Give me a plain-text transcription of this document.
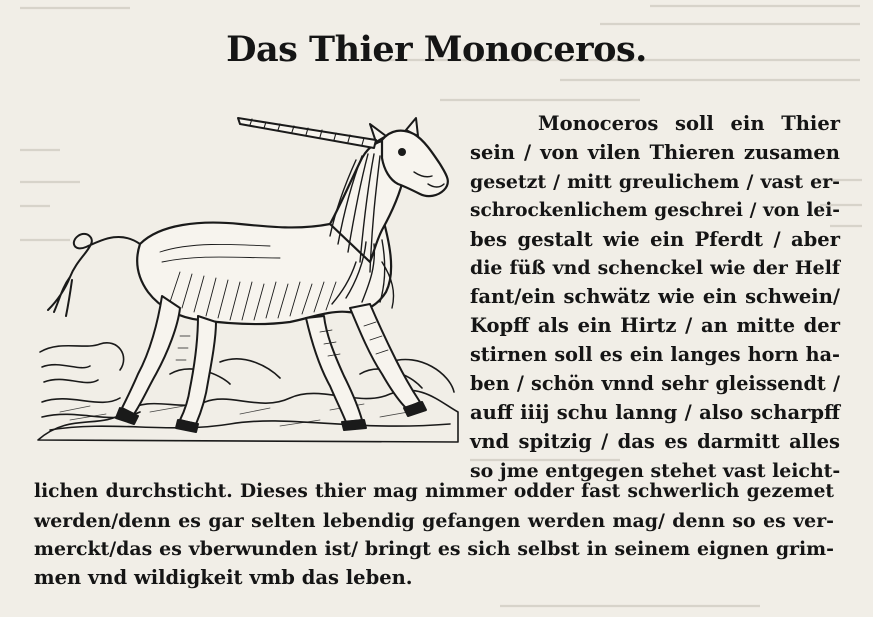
Das Thier Monoceros.
Monoceros soll ein Thier
sein / von vilen Thieren zusamen
gesetzt / mitt greulichem / vast er-
schrockenlichem geschrei / von lei-
bes gestalt wie ein Pferdt / aber
die füß vnd schenckel wie der Helf
fant/ein schwätz wie ein schwein/
Kopff als ein Hirtz / an mitte der
stirnen soll es ein langes horn ha-
ben / schön vnnd sehr gleissendt /
auff iiij schu lanng / also scharpff
vnd spitzig / das es darmitt alles
so jme entgegen stehet vast leicht-
lichen durchsticht. Dieses thier mag nimmer odder fast schwerlich gezemet
werden/denn es gar selten lebendig gefangen werden mag/ denn so es ver-
merckt/das es vberwunden ist/ bringt es sich selbst in seinem eignen grim-
men vnd wildigkeit vmb das leben.
